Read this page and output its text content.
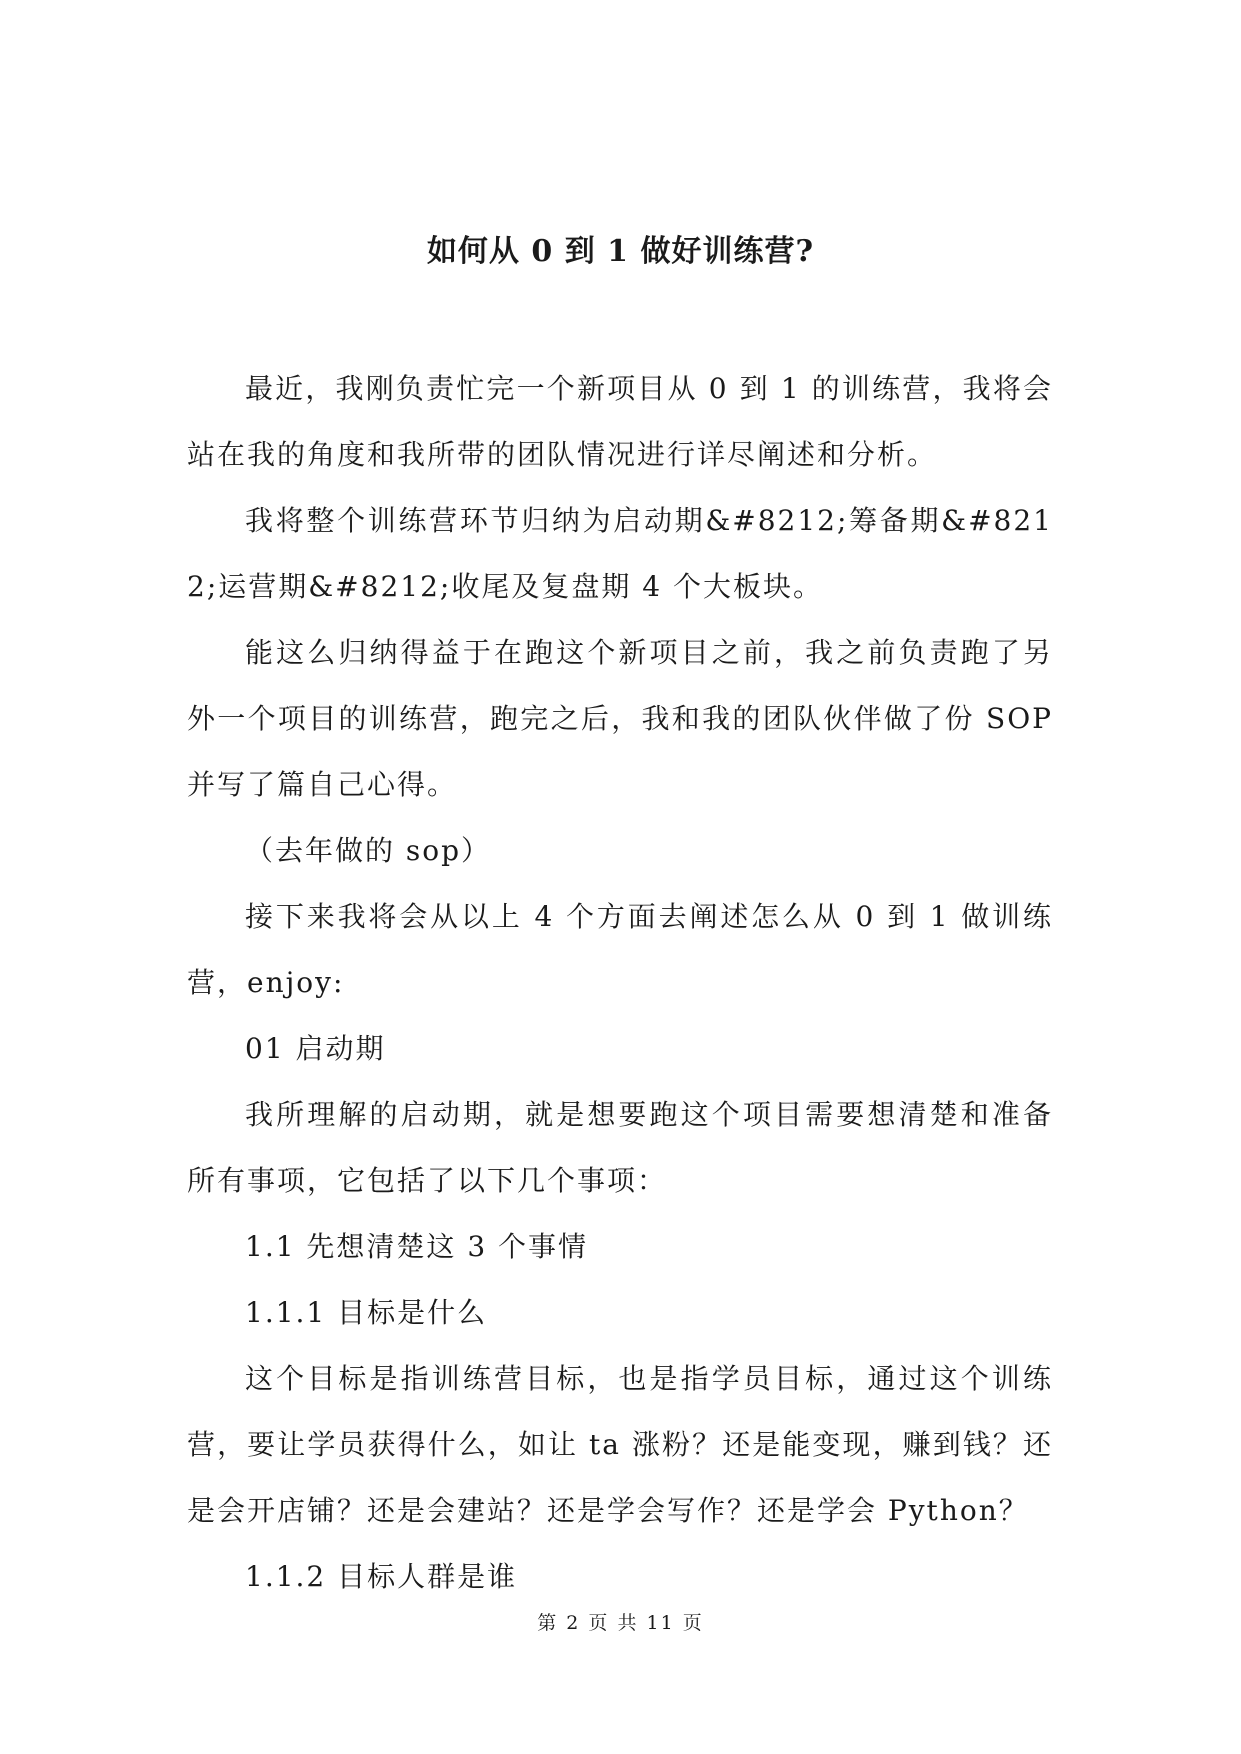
如何从 0 到 1 做好训练营?

最近，我刚负责忙完一个新项目从 0 到 1 的训练营，我将会站在我的角度和我所带的团队情况进行详尽阐述和分析。

我将整个训练营环节归纳为启动期&#8212;筹备期&#8212;运营期&#8212;收尾及复盘期 4 个大板块。

能这么归纳得益于在跑这个新项目之前，我之前负责跑了另外一个项目的训练营，跑完之后，我和我的团队伙伴做了份 SOP 并写了篇自己心得。

（去年做的 sop）

接下来我将会从以上 4 个方面去阐述怎么从 0 到 1 做训练营，enjoy:

01 启动期

我所理解的启动期，就是想要跑这个项目需要想清楚和准备所有事项，它包括了以下几个事项：

1.1 先想清楚这 3 个事情

1.1.1 目标是什么

这个目标是指训练营目标，也是指学员目标，通过这个训练营，要让学员获得什么，如让 ta 涨粉？还是能变现，赚到钱？还是会开店铺？还是会建站？还是学会写作？还是学会 Python？

1.1.2 目标人群是谁

第 2 页 共 11 页
